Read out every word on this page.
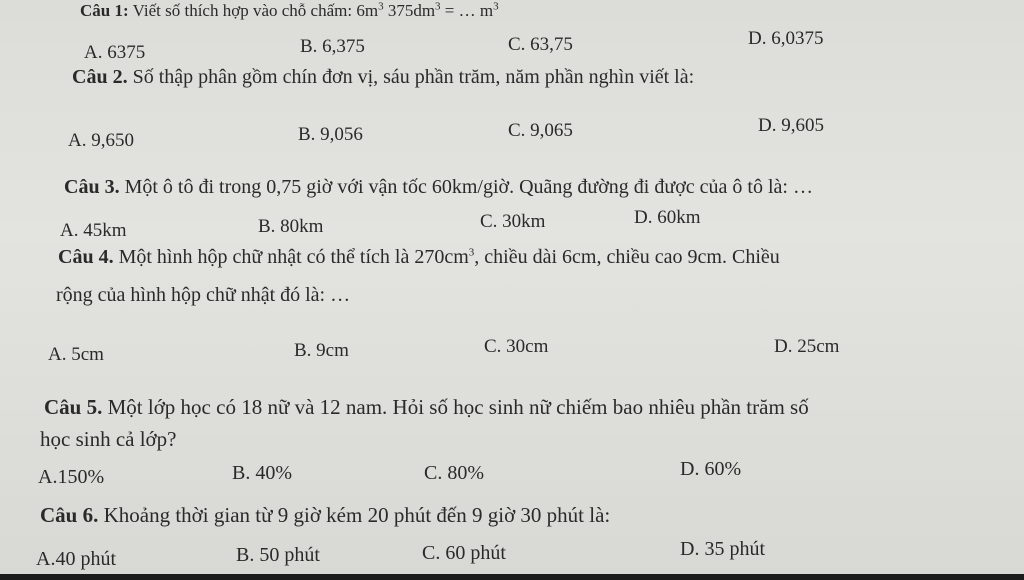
Câu 1: Viết số thích hợp vào chỗ chấm: $6m^3$ $375dm^3$ = … $m^3$
A. 6375	B. 6,375	C. 63,75	D. 6,0375
Câu 2. Số thập phân gồm chín đơn vị, sáu phần trăm, năm phần nghìn viết là:
A. 9,650	B. 9,056	C. 9,065	D. 9,605
Câu 3. Một ô tô đi trong 0,75 giờ với vận tốc 60km/giờ. Quãng đường đi được của ô tô là: …
A. 45km	B. 80km	C. 30km	D. 60km
Câu 4. Một hình hộp chữ nhật có thể tích là $270cm^3$, chiều dài 6cm, chiều cao 9cm. Chiều
rộng của hình hộp chữ nhật đó là: …
A. 5cm	B. 9cm	C. 30cm	D. 25cm
Câu 5. Một lớp học có 18 nữ và 12 nam. Hỏi số học sinh nữ chiếm bao nhiêu phần trăm số
học sinh cả lớp?
A.150%	B. 40%	C. 80%	D. 60%
Câu 6. Khoảng thời gian từ 9 giờ kém 20 phút đến 9 giờ 30 phút là:
A.40 phút	B. 50 phút	C. 60 phút	D. 35 phút
